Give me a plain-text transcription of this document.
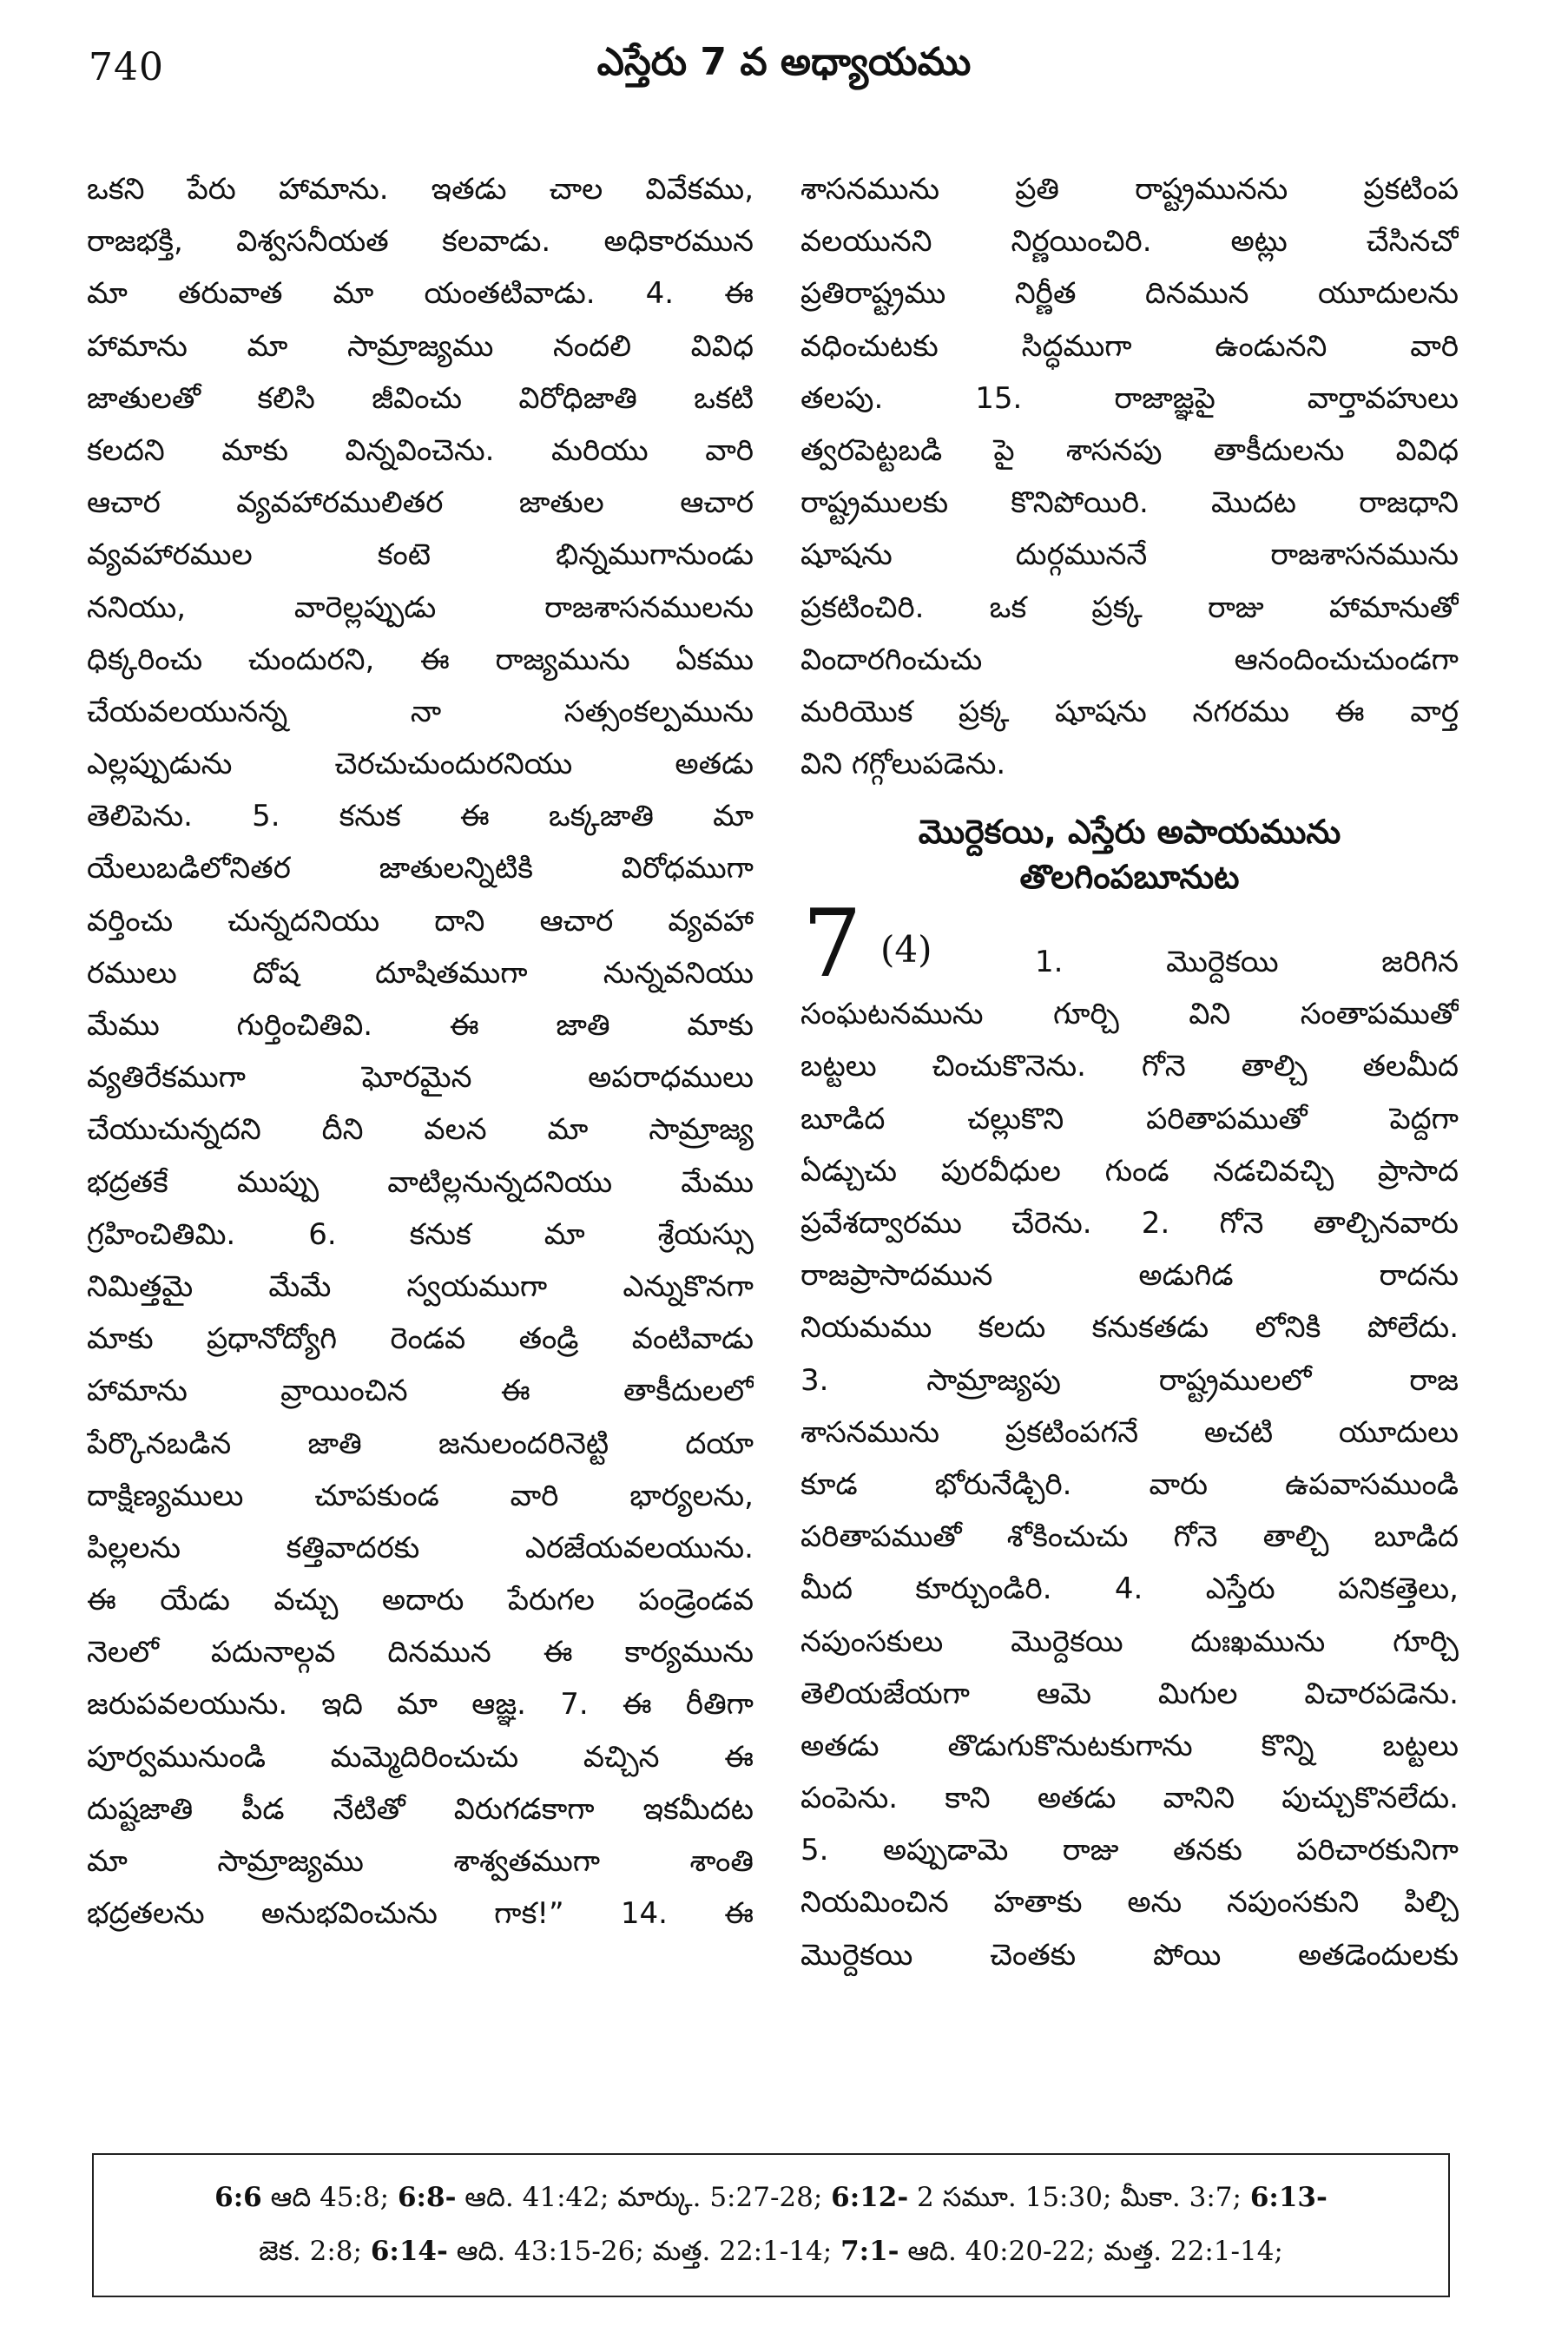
740	ఎస్తేరు 7 వ అధ్యాయము
ఒకని పేరు హామాను. ఇతడు చాల వివేకము,
రాజభక్తి, విశ్వసనీయత కలవాడు. అధికారమున
మా తరువాత మా యంతటివాడు. 4. ఈ
హామాను మా సామ్రాజ్యము నందలి వివిధ
జాతులతో కలిసి జీవించు విరోధిజాతి ఒకటి
కలదని మాకు విన్నవించెను. మరియు వారి
ఆచార వ్యవహారములితర జాతుల ఆచార
వ్యవహారముల కంటె భిన్నముగానుండు
ననియు, వారెల్లప్పుడు రాజశాసనములను
ధిక్కరించు చుందురని, ఈ రాజ్యమును ఏకము
చేయవలయునన్న నా సత్సంకల్పమును
ఎల్లప్పుడును చెరచుచుందురనియు అతడు
తెలిపెను. 5. కనుక ఈ ఒక్కజాతి మా
యేలుబడిలోనితర జాతులన్నిటికి విరోధముగా
వర్తించు చున్నదనియు దాని ఆచార వ్యవహా
రములు దోష దూషితముగా నున్నవనియు
మేము గుర్తించితివి. ఈ జాతి మాకు
వ్యతిరేకముగా ఘోరమైన అపరాధములు
చేయుచున్నదని దీని వలన మా సామ్రాజ్య
భద్రతకే ముప్పు వాటిల్లనున్నదనియు మేము
గ్రహించితిమి. 6. కనుక మా శ్రేయస్సు
నిమిత్తమై మేమే స్వయముగా ఎన్నుకొనగా
మాకు ప్రధానోద్యోగి రెండవ తండ్రి వంటివాడు
హామాను వ్రాయించిన ఈ తాకీదులలో
పేర్కొనబడిన జాతి జనులందరినెట్టి దయా
దాక్షిణ్యములు చూపకుండ వారి భార్యలను,
పిల్లలను కత్తివాదరకు ఎరజేయవలయును.
ఈ యేడు వచ్చు అదారు పేరుగల పండ్రెండవ
నెలలో పదునాల్గవ దినమున ఈ కార్యమును
జరుపవలయును. ఇది మా ఆజ్ఞ. 7. ఈ రీతిగా
పూర్వమునుండి మమ్మెదిరించుచు వచ్చిన ఈ
దుష్టజాతి పీడ నేటితో విరుగడకాగా ఇకమీదట
మా సామ్రాజ్యము శాశ్వతముగా శాంతి
భద్రతలను అనుభవించును గాక!” 14. ఈ
శాసనమును ప్రతి రాష్ట్రమునను ప్రకటింప
వలయునని నిర్ణయించిరి. అట్లు చేసినచో
ప్రతిరాష్ట్రము నిర్ణీత దినమున యూదులను
వధించుటకు సిద్ధముగా ఉండునని వారి
తలపు. 15. రాజాజ్ఞపై వార్తావహులు
త్వరపెట్టబడి పై శాసనపు తాకీదులను వివిధ
రాష్ట్రములకు కొనిపోయిరి. మొదట రాజధాని
షూషను దుర్గముననే రాజశాసనమును
ప్రకటించిరి. ఒక ప్రక్క రాజు హామానుతో
విందారగించుచు ఆనందించుచుండగా
మరియొక ప్రక్క షూషను నగరము ఈ వార్త
విని గగ్గోలుపడెను.
మొర్దెకయి, ఎస్తేరు అపాయమును
తొలగింపబూనుట
7 (4)	1. మొర్దెకయి జరిగిన
సంఘటనమును గూర్చి విని సంతాపముతో
బట్టలు చించుకొనెను. గోనె తాల్చి తలమీద
బూడిద చల్లుకొని పరితాపముతో పెద్దగా
ఏడ్చుచు పురవీధుల గుండ నడచివచ్చి ప్రాసాద
ప్రవేశద్వారము చేరెను. 2. గోనె తాల్చినవారు
రాజప్రాసాదమున అడుగిడ రాదను
నియమము కలదు కనుకతడు లోనికి పోలేదు.
3. సామ్రాజ్యపు రాష్ట్రములలో రాజ
శాసనమును ప్రకటింపగనే అచటి యూదులు
కూడ భోరునేడ్చిరి. వారు ఉపవాసముండి
పరితాపముతో శోకించుచు గోనె తాల్చి బూడిద
మీద కూర్చుండిరి. 4. ఎస్తేరు పనికత్తెలు,
నపుంసకులు మొర్దెకయి దుఃఖమును గూర్చి
తెలియజేయగా ఆమె మిగుల విచారపడెను.
అతడు తొడుగుకొనుటకుగాను కొన్ని బట్టలు
పంపెను. కాని అతడు వానిని పుచ్చుకొనలేదు.
5. అప్పుడామె రాజు తనకు పరిచారకునిగా
నియమించిన హతాకు అను నపుంసకుని పిల్చి
మొర్దెకయి చెంతకు పోయి అతడెందులకు
6:6 ఆది 45:8; 6:8- ఆది. 41:42; మార్కు. 5:27-28; 6:12- 2 సమూ. 15:30; మీకా. 3:7; 6:13-
జెక. 2:8; 6:14- ఆది. 43:15-26; మత్త. 22:1-14; 7:1- ఆది. 40:20-22; మత్త. 22:1-14;
